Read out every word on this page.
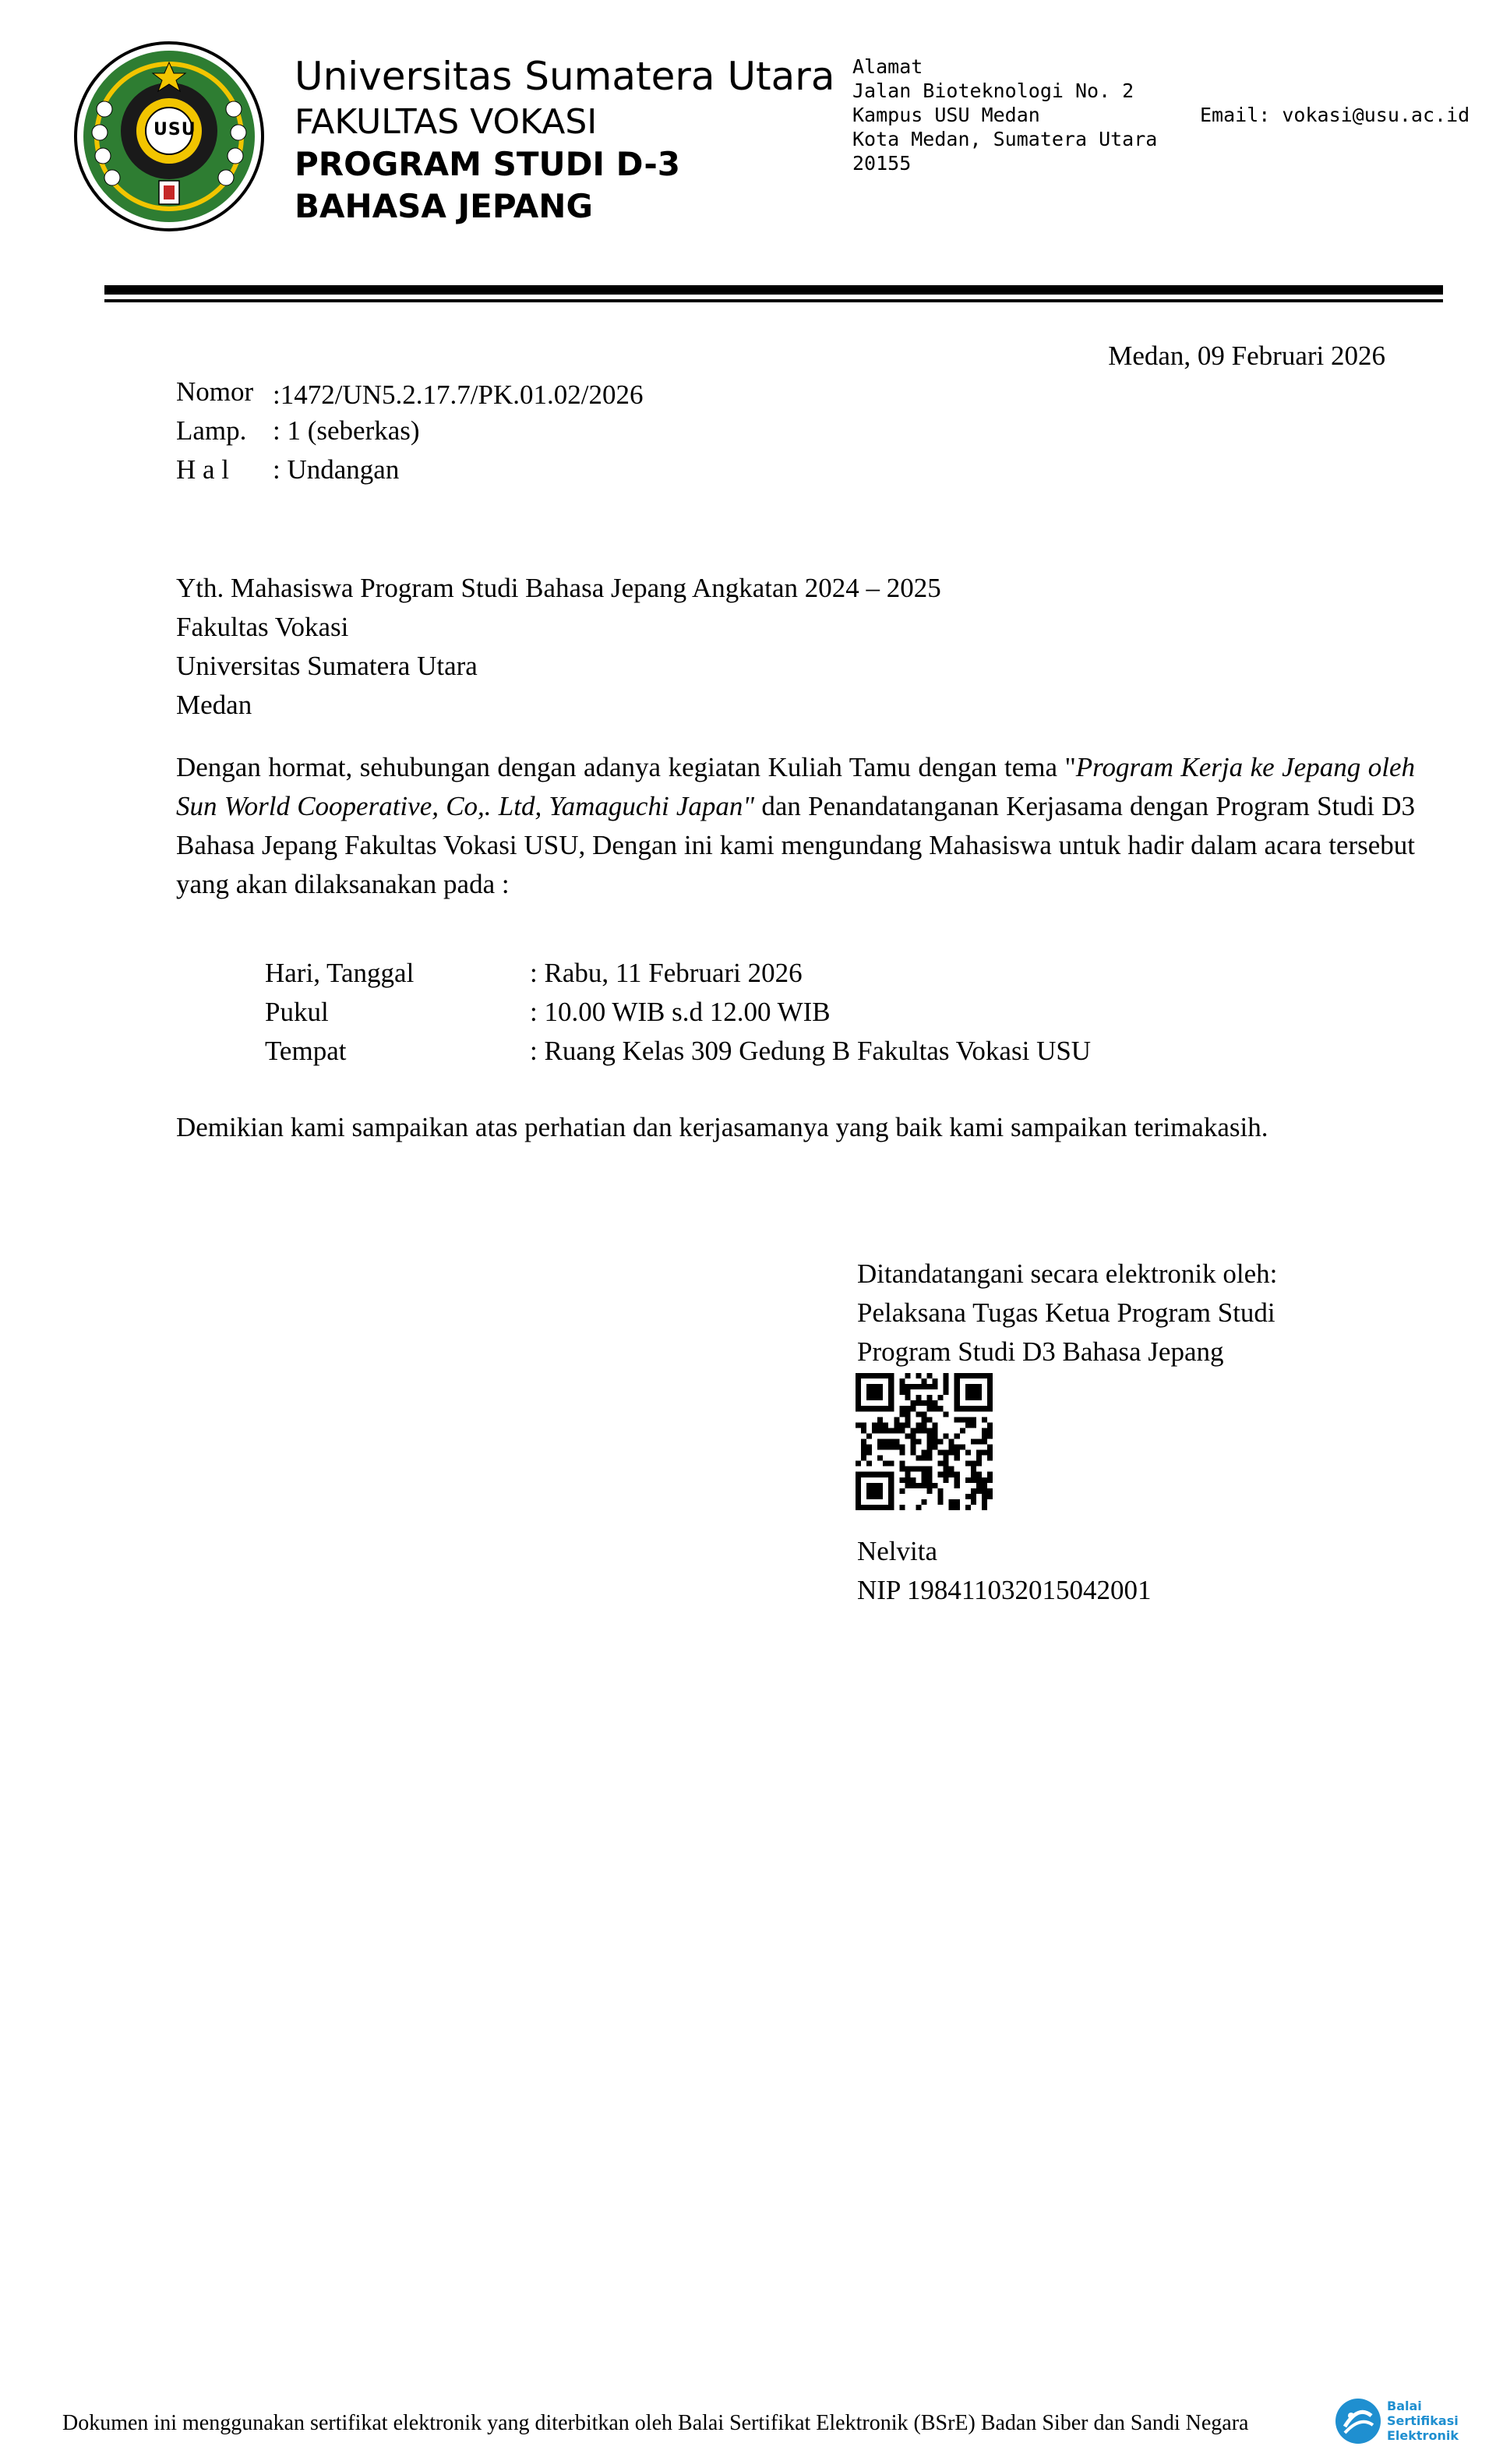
USU
Universitas Sumatera Utara
FAKULTAS VOKASI
PROGRAM STUDI D-3
BAHASA JEPANG
Alamat
Jalan Bioteknologi No. 2
Kampus USU Medan
Kota Medan, Sumatera Utara
20155
Email: vokasi@usu.ac.id
Medan, 09 Februari 2026
Nomor :1472/UN5.2.17.7/PK.01.02/2026
Lamp. : 1 (seberkas)
H a l : Undangan
Yth. Mahasiswa Program Studi Bahasa Jepang Angkatan 2024 – 2025
Fakultas Vokasi
Universitas Sumatera Utara
Medan
Dengan hormat, sehubungan dengan adanya kegiatan Kuliah Tamu dengan tema "Program Kerja ke Jepang oleh Sun World Cooperative, Co,. Ltd, Yamaguchi Japan" dan Penandatanganan Kerjasama dengan Program Studi D3 Bahasa Jepang Fakultas Vokasi USU, Dengan ini kami mengundang Mahasiswa untuk hadir dalam acara tersebut yang akan dilaksanakan pada :
Hari, Tanggal	: Rabu, 11 Februari 2026
Pukul	: 10.00 WIB s.d 12.00 WIB
Tempat	: Ruang Kelas 309 Gedung B Fakultas Vokasi USU
Demikian kami sampaikan atas perhatian dan kerjasamanya yang baik kami sampaikan terimakasih.
Ditandatangani secara elektronik oleh:
Pelaksana Tugas Ketua Program Studi
Program Studi D3 Bahasa Jepang
Nelvita
NIP 198411032015042001
Dokumen ini menggunakan sertifikat elektronik yang diterbitkan oleh Balai Sertifikat Elektronik (BSrE) Badan Siber dan Sandi Negara
Balai
Sertifikasi
Elektronik
